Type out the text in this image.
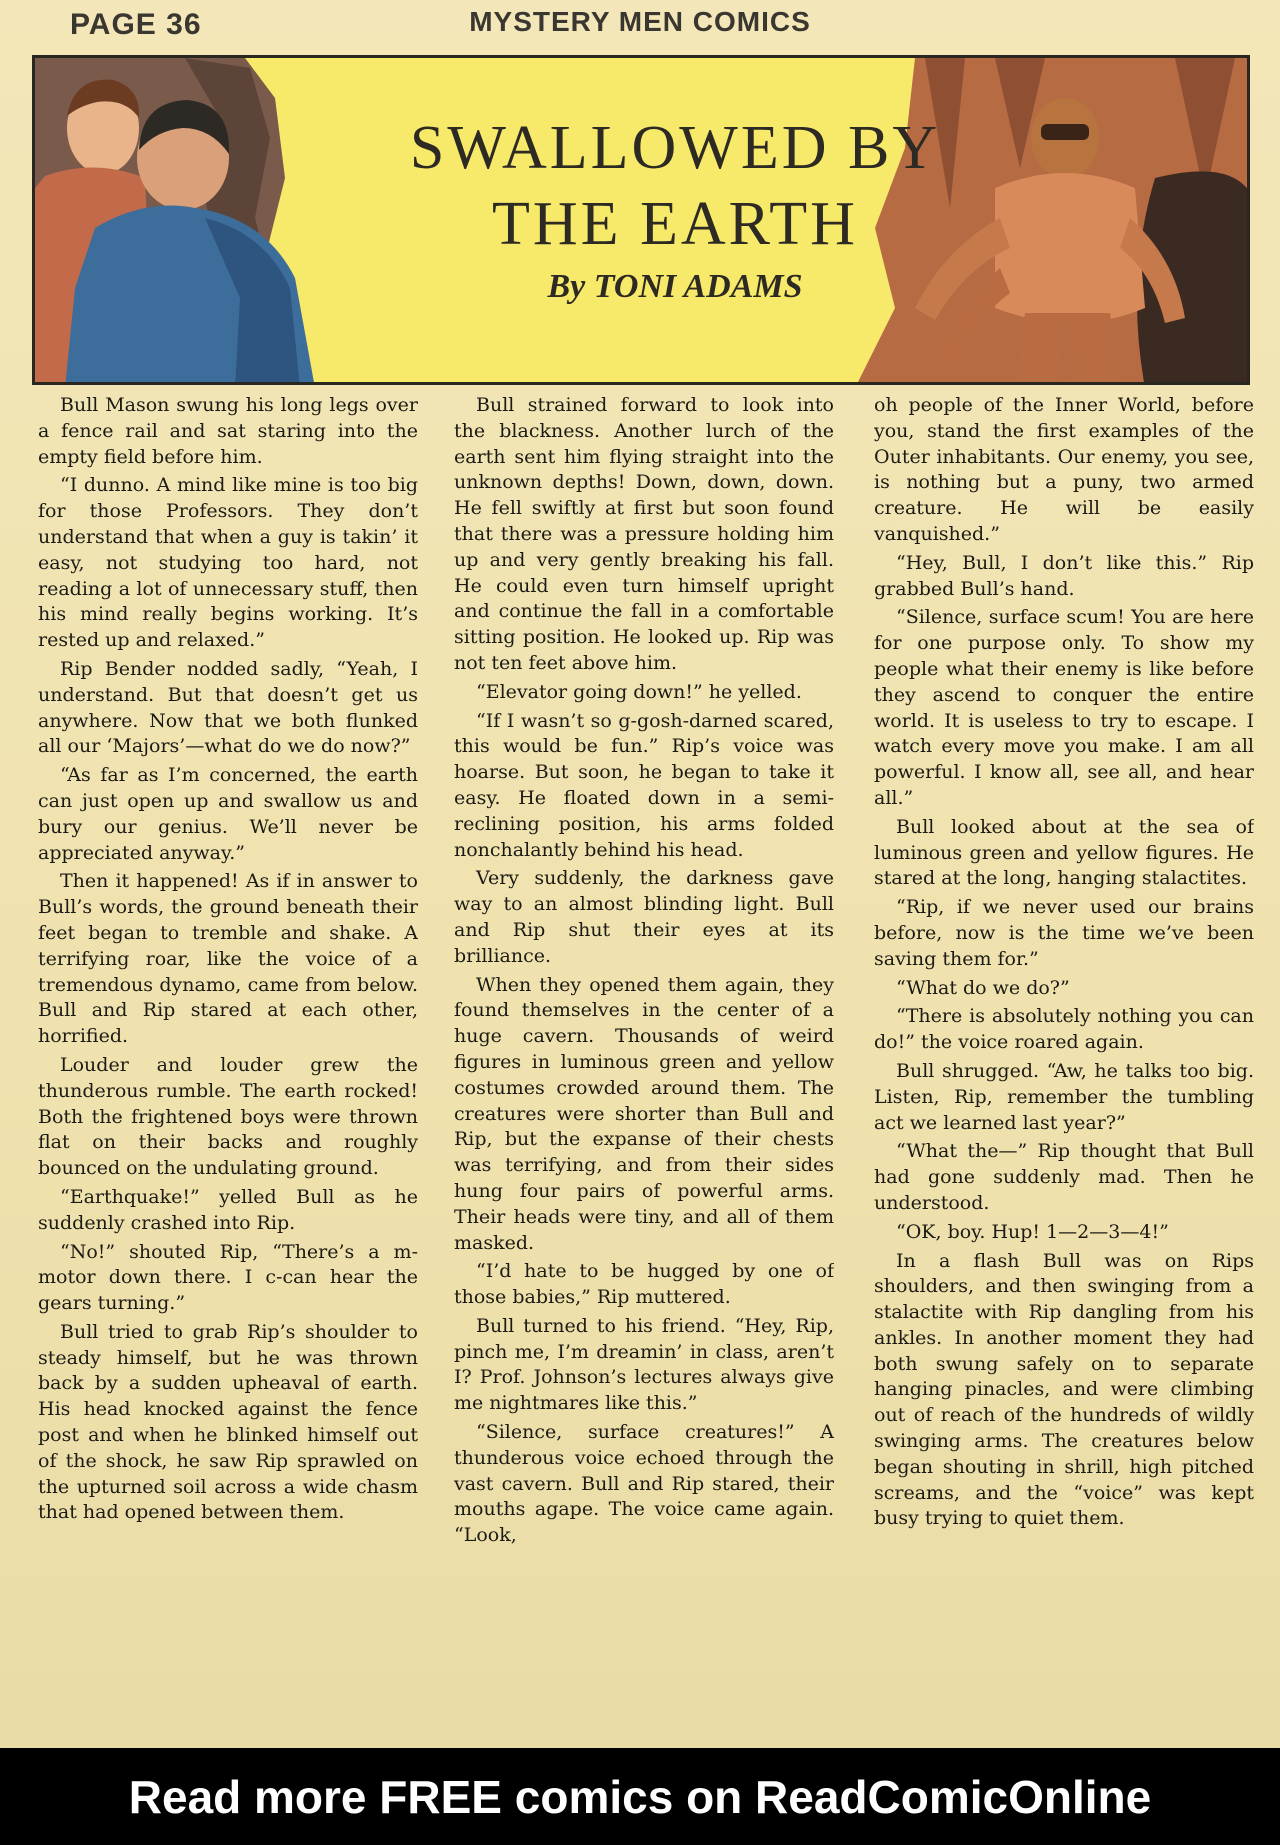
PAGE 36	MYSTERY MEN COMICS
SWALLOWED BY
THE EARTH
By TONI ADAMS

Bull Mason swung his long legs over a fence rail and sat staring into the empty field before him.

“I dunno. A mind like mine is too big for those Professors. They don’t understand that when a guy is takin’ it easy, not studying too hard, not reading a lot of unnecessary stuff, then his mind really begins working. It’s rested up and relaxed.”

Rip Bender nodded sadly, “Yeah, I understand. But that doesn’t get us anywhere. Now that we both flunked all our ‘Majors’—what do we do now?”

“As far as I’m concerned, the earth can just open up and swallow us and bury our genius. We’ll never be appreciated anyway.”

Then it happened! As if in answer to Bull’s words, the ground beneath their feet began to tremble and shake. A terrifying roar, like the voice of a tremendous dynamo, came from below. Bull and Rip stared at each other, horrified.

Louder and louder grew the thunderous rumble. The earth rocked! Both the frightened boys were thrown flat on their backs and roughly bounced on the undulating ground.

“Earthquake!” yelled Bull as he suddenly crashed into Rip.

“No!” shouted Rip, “There’s a m-motor down there. I c-can hear the gears turning.”

Bull tried to grab Rip’s shoulder to steady himself, but he was thrown back by a sudden upheaval of earth. His head knocked against the fence post and when he blinked himself out of the shock, he saw Rip sprawled on the upturned soil across a wide chasm that had opened between them.

Bull strained forward to look into the blackness. Another lurch of the earth sent him flying straight into the unknown depths! Down, down, down. He fell swiftly at first but soon found that there was a pressure holding him up and very gently breaking his fall. He could even turn himself upright and continue the fall in a comfortable sitting position. He looked up. Rip was not ten feet above him.

“Elevator going down!” he yelled.

“If I wasn’t so g-gosh-darned scared, this would be fun.” Rip’s voice was hoarse. But soon, he began to take it easy. He floated down in a semi-reclining position, his arms folded nonchalantly behind his head.

Very suddenly, the darkness gave way to an almost blinding light. Bull and Rip shut their eyes at its brilliance.

When they opened them again, they found themselves in the center of a huge cavern. Thousands of weird figures in luminous green and yellow costumes crowded around them. The creatures were shorter than Bull and Rip, but the expanse of their chests was terrifying, and from their sides hung four pairs of powerful arms. Their heads were tiny, and all of them masked.

“I’d hate to be hugged by one of those babies,” Rip muttered.

Bull turned to his friend. “Hey, Rip, pinch me, I’m dreamin’ in class, aren’t I? Prof. Johnson’s lectures always give me nightmares like this.”

“Silence, surface creatures!” A thunderous voice echoed through the vast cavern. Bull and Rip stared, their mouths agape. The voice came again. “Look,

oh people of the Inner World, before you, stand the first examples of the Outer inhabitants. Our enemy, you see, is nothing but a puny, two armed creature. He will be easily vanquished.”

“Hey, Bull, I don’t like this.” Rip grabbed Bull’s hand.

“Silence, surface scum! You are here for one purpose only. To show my people what their enemy is like before they ascend to conquer the entire world. It is useless to try to escape. I watch every move you make. I am all powerful. I know all, see all, and hear all.”

Bull looked about at the sea of luminous green and yellow figures. He stared at the long, hanging stalactites.

“Rip, if we never used our brains before, now is the time we’ve been saving them for.”

“What do we do?”

“There is absolutely nothing you can do!” the voice roared again.

Bull shrugged. “Aw, he talks too big. Listen, Rip, remember the tumbling act we learned last year?”

“What the—” Rip thought that Bull had gone suddenly mad. Then he understood.

“OK, boy. Hup! 1—2—3—4!”

In a flash Bull was on Rips shoulders, and then swinging from a stalactite with Rip dangling from his ankles. In another moment they had both swung safely on to separate hanging pinacles, and were climbing out of reach of the hundreds of wildly swinging arms. The creatures below began shouting in shrill, high pitched screams, and the “voice” was kept busy trying to quiet them.

Read more FREE comics on ReadComicOnline
